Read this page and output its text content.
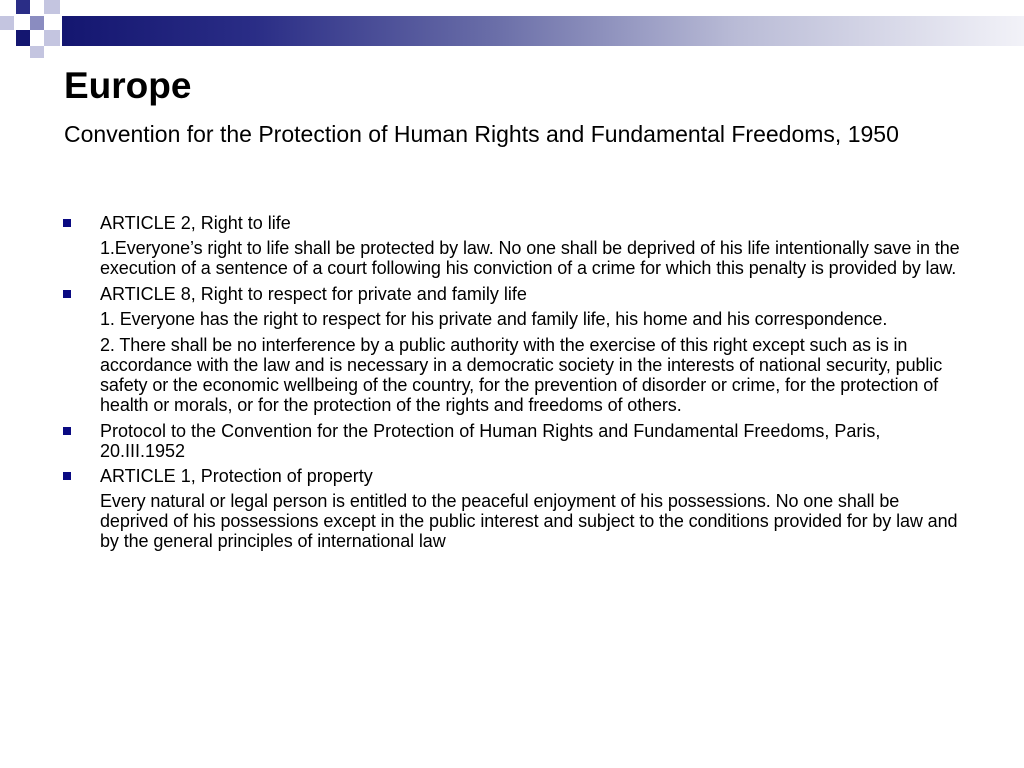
Europe

Convention for the Protection of Human Rights and Fundamental Freedoms, 1950

ARTICLE 2, Right to life
1.Everyone’s right to life shall be protected by law. No one shall be deprived of his life intentionally save in the execution of a sentence of a court following his conviction of a crime for which this penalty is provided by law.
ARTICLE 8, Right to respect for private and family life
1. Everyone has the right to respect for his private and family life, his home and his correspondence.
2. There shall be no interference by a public authority with the exercise of this right except such as is in accordance with the law and is necessary in a democratic society in the interests of national security, public safety or the economic wellbeing of the country, for the prevention of disorder or crime, for the protection of health or morals, or for the protection of the rights and freedoms of others.
Protocol to the Convention for the Protection of Human Rights and Fundamental Freedoms, Paris, 20.III.1952
ARTICLE 1, Protection of property
Every natural or legal person is entitled to the peaceful enjoyment of his possessions. No one shall be deprived of his possessions except in the public interest and subject to the conditions provided for by law and by the general principles of international law
